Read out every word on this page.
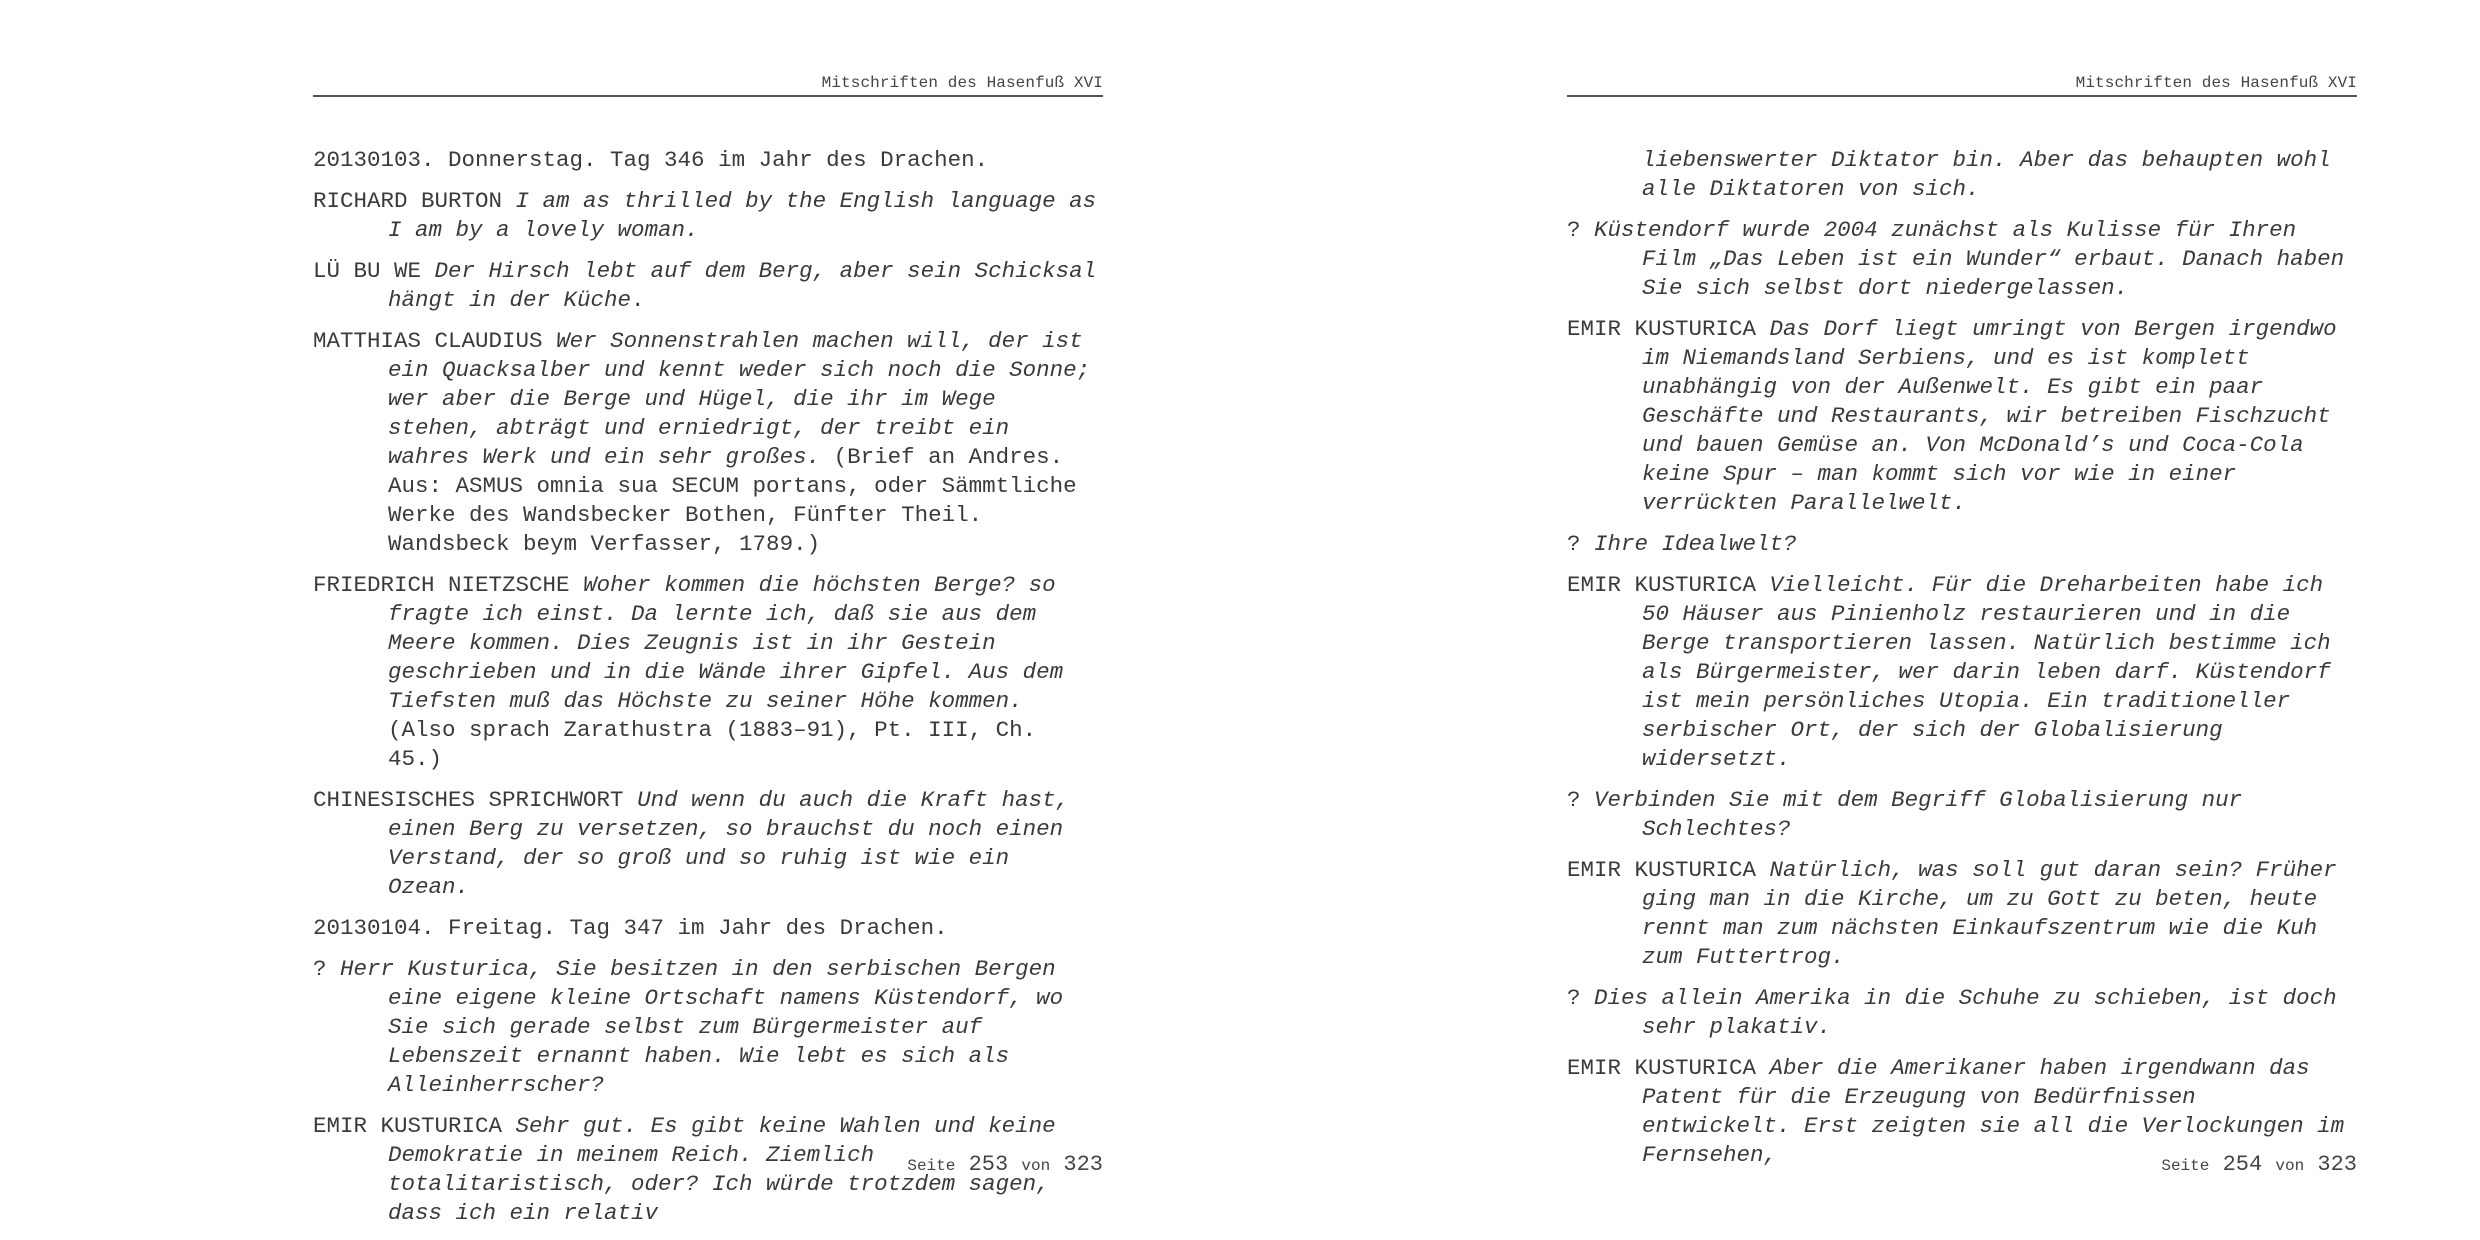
Mitschriften des Hasenfuß XVI

20130103. Donnerstag. Tag 346 im Jahr des Drachen.

RICHARD BURTON I am as thrilled by the English language as I am by a lovely woman.

LÜ BU WE Der Hirsch lebt auf dem Berg, aber sein Schicksal hängt in der Küche.

MATTHIAS CLAUDIUS Wer Sonnenstrahlen machen will, der ist ein Quacksalber und kennt weder sich noch die Sonne; wer aber die Berge und Hügel, die ihr im Wege stehen, abträgt und erniedrigt, der treibt ein wahres Werk und ein sehr großes. (Brief an Andres. Aus: ASMUS omnia sua SECUM portans, oder Sämmtliche Werke des Wandsbecker Bothen, Fünfter Theil. Wandsbeck beym Verfasser, 1789.)

FRIEDRICH NIETZSCHE Woher kommen die höchsten Berge? so fragte ich einst. Da lernte ich, daß sie aus dem Meere kommen. Dies Zeugnis ist in ihr Gestein geschrieben und in die Wände ihrer Gipfel. Aus dem Tiefsten muß das Höchste zu seiner Höhe kommen. (Also sprach Zarathustra (1883–91), Pt. III, Ch. 45.)

CHINESISCHES SPRICHWORT Und wenn du auch die Kraft hast, einen Berg zu versetzen, so brauchst du noch einen Verstand, der so groß und so ruhig ist wie ein Ozean.

20130104. Freitag. Tag 347 im Jahr des Drachen.

? Herr Kusturica, Sie besitzen in den serbischen Bergen eine eigene kleine Ortschaft namens Küstendorf, wo Sie sich gerade selbst zum Bürgermeister auf Lebenszeit ernannt haben. Wie lebt es sich als Alleinherrscher?

EMIR KUSTURICA Sehr gut. Es gibt keine Wahlen und keine Demokratie in meinem Reich. Ziemlich totalitaristisch, oder? Ich würde trotzdem sagen, dass ich ein relativ

Seite 253 von 323
Mitschriften des Hasenfuß XVI

liebenswerter Diktator bin. Aber das behaupten wohl alle Diktatoren von sich.

? Küstendorf wurde 2004 zunächst als Kulisse für Ihren Film „Das Leben ist ein Wunder“ erbaut. Danach haben Sie sich selbst dort niedergelassen.

EMIR KUSTURICA Das Dorf liegt umringt von Bergen irgendwo im Niemandsland Serbiens, und es ist komplett unabhängig von der Außenwelt. Es gibt ein paar Geschäfte und Restaurants, wir betreiben Fischzucht und bauen Gemüse an. Von McDonald’s und Coca-Cola keine Spur – man kommt sich vor wie in einer verrückten Parallelwelt.

? Ihre Idealwelt?

EMIR KUSTURICA Vielleicht. Für die Dreharbeiten habe ich 50 Häuser aus Pinienholz restaurieren und in die Berge transportieren lassen. Natürlich bestimme ich als Bürgermeister, wer darin leben darf. Küstendorf ist mein persönliches Utopia. Ein traditioneller serbischer Ort, der sich der Globalisierung widersetzt.

? Verbinden Sie mit dem Begriff Globalisierung nur Schlechtes?

EMIR KUSTURICA Natürlich, was soll gut daran sein? Früher ging man in die Kirche, um zu Gott zu beten, heute rennt man zum nächsten Einkaufszentrum wie die Kuh zum Futtertrog.

? Dies allein Amerika in die Schuhe zu schieben, ist doch sehr plakativ.

EMIR KUSTURICA Aber die Amerikaner haben irgendwann das Patent für die Erzeugung von Bedürfnissen entwickelt. Erst zeigten sie all die Verlockungen im Fernsehen,	Seite 254 von 323
